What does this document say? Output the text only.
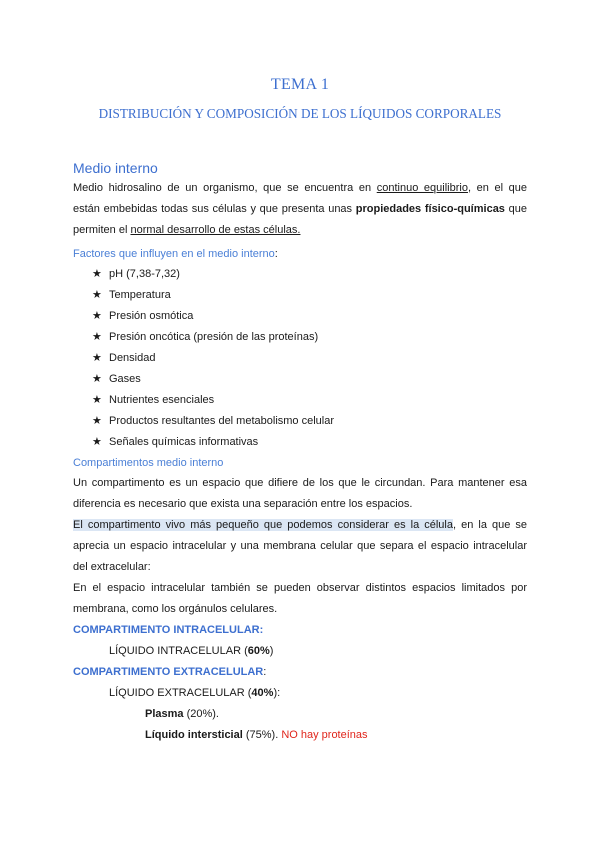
TEMA 1
DISTRIBUCIÓN Y COMPOSICIÓN DE LOS LÍQUIDOS CORPORALES
Medio interno
Medio hidrosalino de un organismo, que se encuentra en continuo equilibrio, en el que
están embebidas todas sus células y que presenta unas propiedades físico-químicas que
permiten el normal desarrollo de estas células.
Factores que influyen en el medio interno:
★ pH (7,38-7,32)
★ Temperatura
★ Presión osmótica
★ Presión oncótica (presión de las proteínas)
★ Densidad
★ Gases
★ Nutrientes esenciales
★ Productos resultantes del metabolismo celular
★ Señales químicas informativas
Compartimentos medio interno
Un compartimento es un espacio que difiere de los que le circundan. Para mantener esa
diferencia es necesario que exista una separación entre los espacios.
El compartimento vivo más pequeño que podemos considerar es la célula, en la que se
aprecia un espacio intracelular y una membrana celular que separa el espacio intracelular
del extracelular:
En el espacio intracelular también se pueden observar distintos espacios limitados por
membrana, como los orgánulos celulares.
COMPARTIMENTO INTRACELULAR:
LÍQUIDO INTRACELULAR (60%)
COMPARTIMENTO EXTRACELULAR:
LÍQUIDO EXTRACELULAR (40%):
Plasma (20%).
Líquido intersticial (75%). NO hay proteínas
